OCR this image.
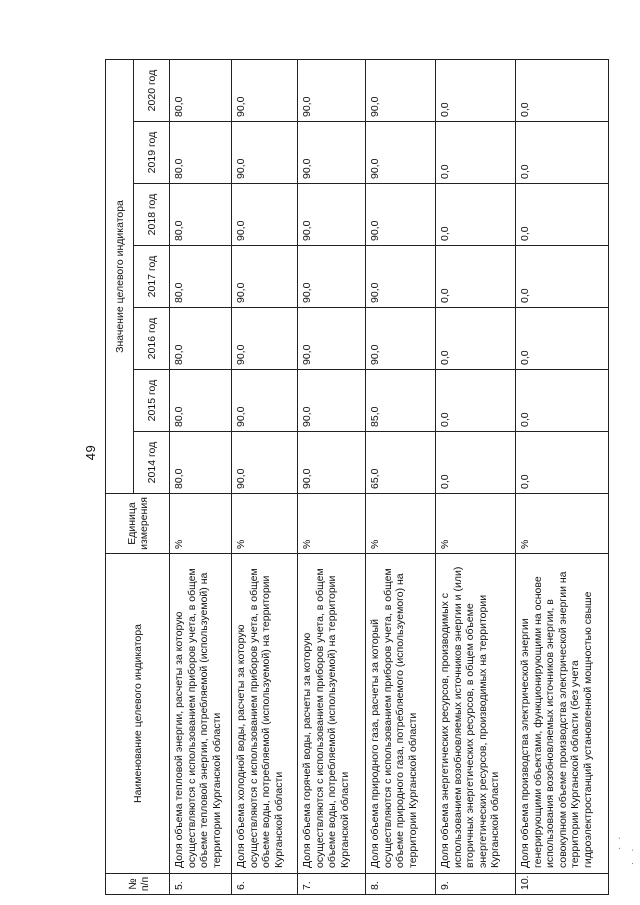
49
· ·
. .
№ п/п	Наименование целевого индикатора	Единица измерения	Значение целевого индикатора						
			2014 год	2015 год	2016 год	2017 год	2018 год	2019 год	2020 год
5.	Доля объема тепловой энергии, расчеты за которую осуществляются с использованием приборов учета, в общем объеме тепловой энергии, потребляемой (используемой) на территории Курганской области	%	80,0	80,0	80,0	80,0	80,0	80,0	80,0
6.	Доля объема холодной воды, расчеты за которую осуществляются с использованием приборов учета, в общем объеме воды, потребляемой (используемой) на территории Курганской области	%	90,0	90,0	90,0	90,0	90,0	90,0	90,0
7.	Доля объема горячей воды, расчеты за которую осуществляются с использованием приборов учета, в общем объеме воды, потребляемой (используемой) на территории Курганской области	%	90,0	90,0	90,0	90,0	90,0	90,0	90,0
8.	Доля объема природного газа, расчеты за который осуществляются с использованием приборов учета, в общем объеме природного газа, потребляемого (используемого) на территории Курганской области	%	65,0	85,0	90,0	90,0	90,0	90,0	90,0
9.	Доля объема энергетических ресурсов, производимых с использованием возобновляемых источников энергии и (или) вторичных энергетических ресурсов, в общем объеме энергетических ресурсов, производимых на территории Курганской области	%	0,0	0,0	0,0	0,0	0,0	0,0	0,0
10.	Доля объема производства электрической энергии генерирующими объектами, функционирующими на основе использования возобновляемых источников энергии, в совокупном объеме производства электрической энергии на территории Курганской области (без учета гидроэлектростанций установленной мощностью свыше	%	0,0	0,0	0,0	0,0	0,0	0,0	0,0
